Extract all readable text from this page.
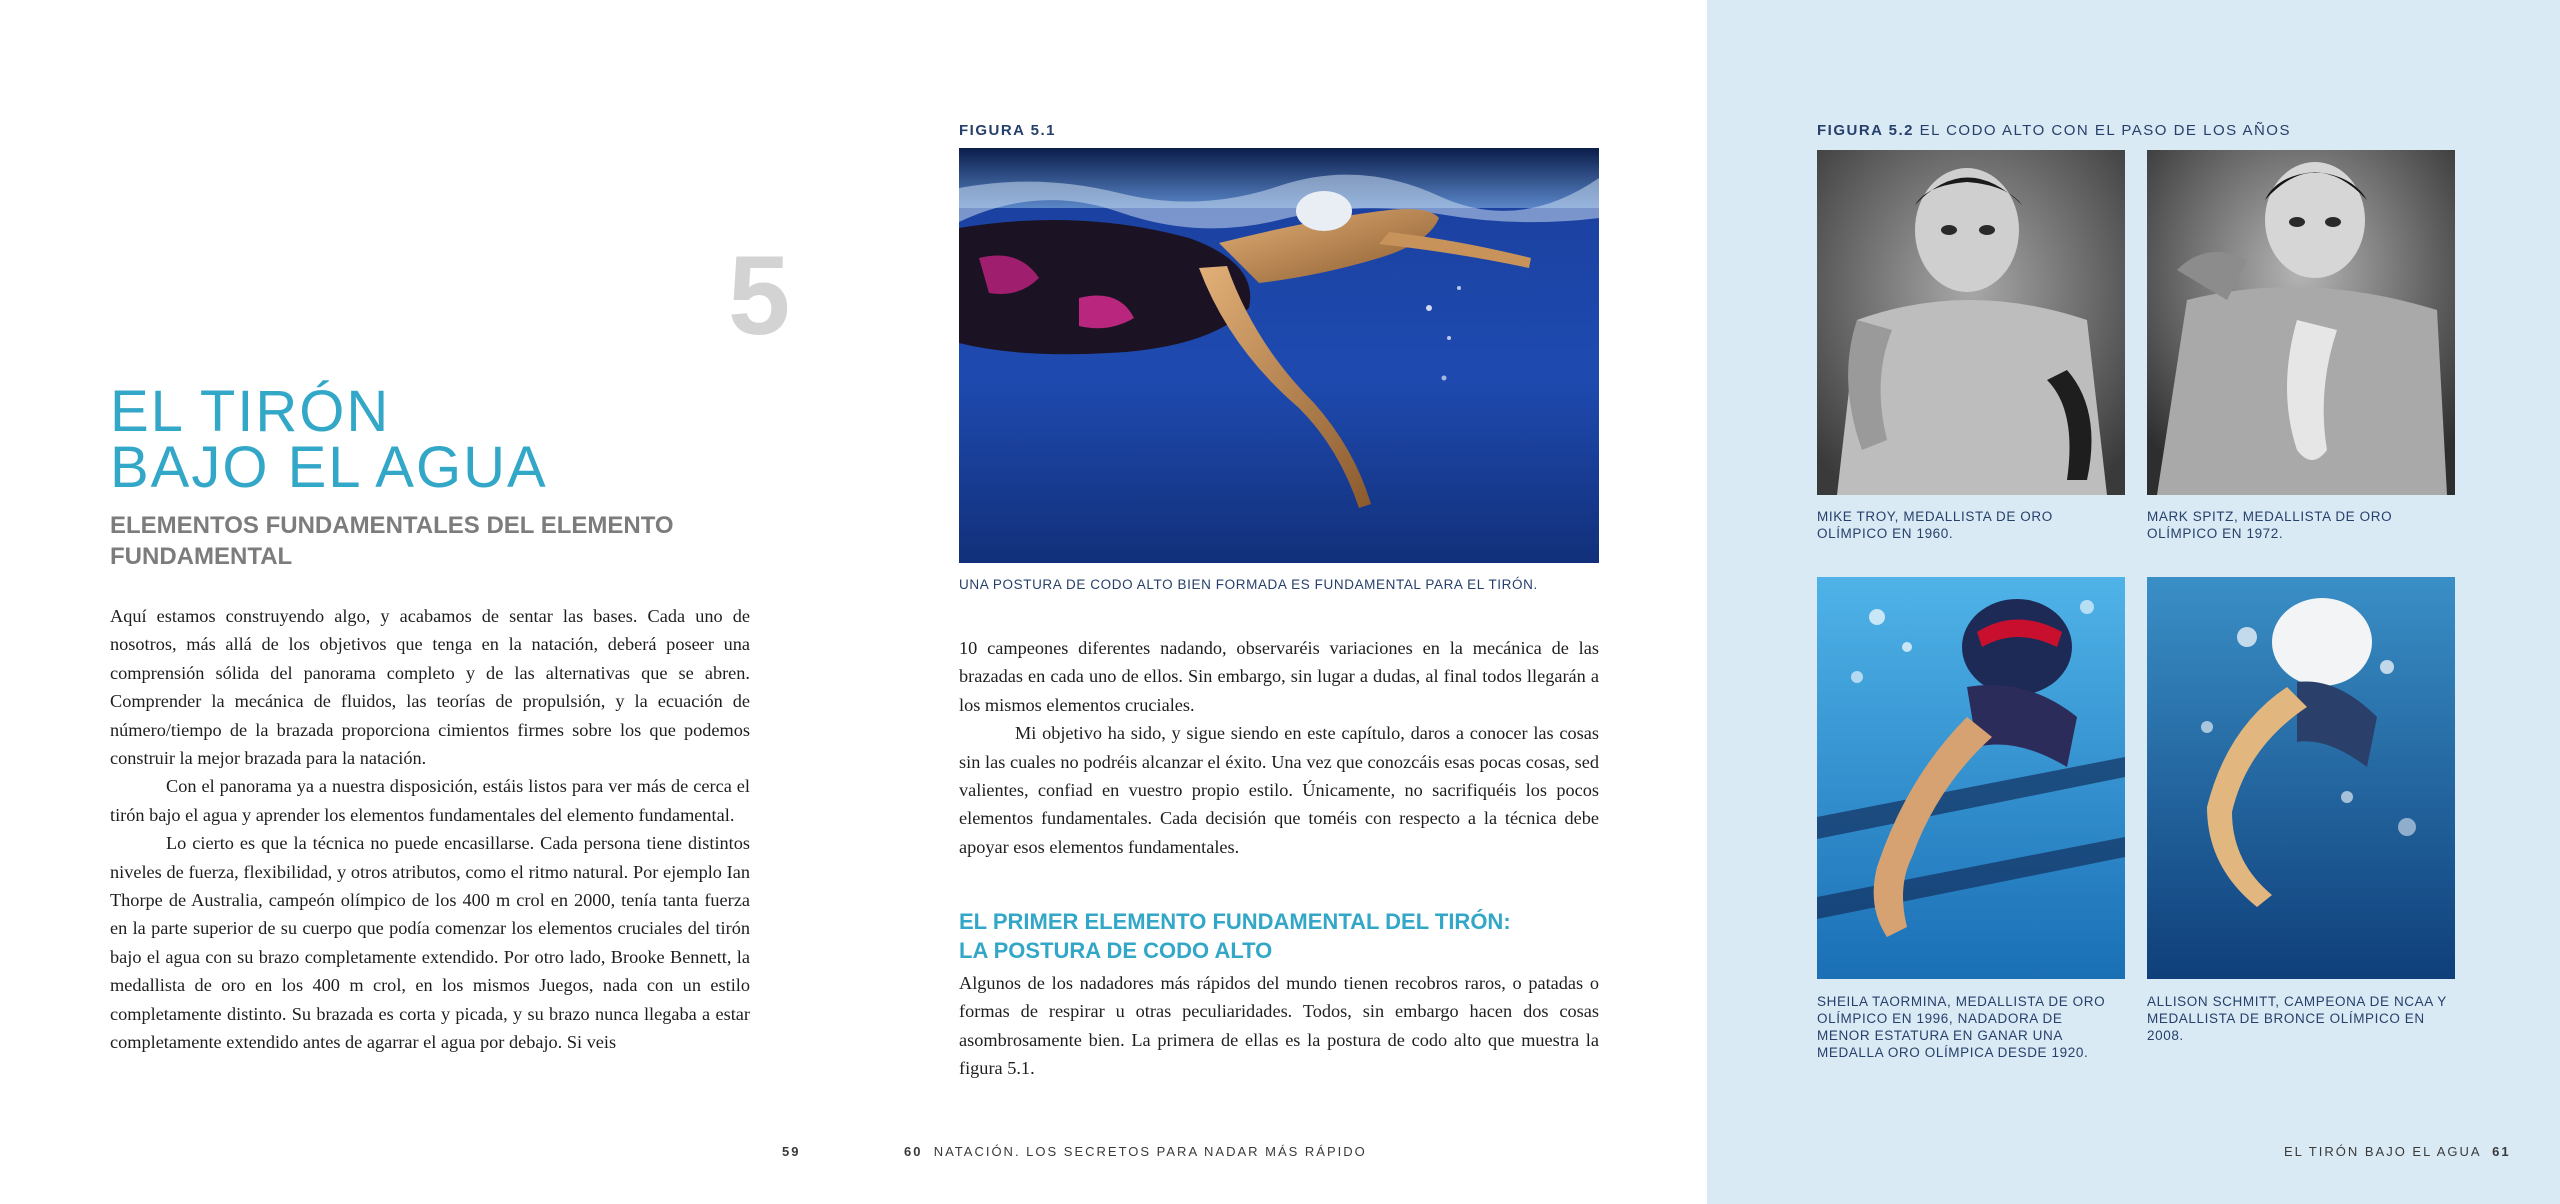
5
EL TIRÓN
BAJO EL AGUA
ELEMENTOS FUNDAMENTALES DEL ELEMENTO FUNDAMENTAL

Aquí estamos construyendo algo, y acabamos de sentar las bases. Cada uno de nosotros, más allá de los objetivos que tenga en la natación, deberá poseer una comprensión sólida del panorama completo y de las alternativas que se abren. Comprender la mecánica de fluidos, las teorías de propulsión, y la ecuación de número/tiempo de la brazada proporciona cimientos firmes sobre los que podemos construir la mejor brazada para la natación.

Con el panorama ya a nuestra disposición, estáis listos para ver más de cerca el tirón bajo el agua y aprender los elementos fundamentales del elemento fundamental.

Lo cierto es que la técnica no puede encasillarse. Cada persona tiene distintos niveles de fuerza, flexibilidad, y otros atributos, como el ritmo natural. Por ejemplo Ian Thorpe de Australia, campeón olímpico de los 400 m crol en 2000, tenía tanta fuerza en la parte superior de su cuerpo que podía comenzar los elementos cruciales del tirón bajo el agua con su brazo completamente extendido. Por otro lado, Brooke Bennett, la medallista de oro en los 400 m crol, en los mismos Juegos, nada con un estilo completamente distinto. Su brazada es corta y picada, y su brazo nunca llegaba a estar completamente extendido antes de agarrar el agua por debajo. Si veis

59
FIGURA 5.1
UNA POSTURA DE CODO ALTO BIEN FORMADA ES FUNDAMENTAL PARA EL TIRÓN.

10 campeones diferentes nadando, observaréis variaciones en la mecánica de las brazadas en cada uno de ellos. Sin embargo, sin lugar a dudas, al final todos llegarán a los mismos elementos cruciales.

Mi objetivo ha sido, y sigue siendo en este capítulo, daros a conocer las cosas sin las cuales no podréis alcanzar el éxito. Una vez que conozcáis esas pocas cosas, sed valientes, confiad en vuestro propio estilo. Únicamente, no sacrifiquéis los pocos elementos fundamentales. Cada decisión que toméis con respecto a la técnica debe apoyar esos elementos fundamentales.

EL PRIMER ELEMENTO FUNDAMENTAL DEL TIRÓN:
LA POSTURA DE CODO ALTO

Algunos de los nadadores más rápidos del mundo tienen recobros raros, o patadas o formas de respirar u otras peculiaridades. Todos, sin embargo hacen dos cosas asombrosamente bien. La primera de ellas es la postura de codo alto que muestra la figura 5.1.

60 NATACIÓN. LOS SECRETOS PARA NADAR MÁS RÁPIDO
FIGURA 5.2 EL CODO ALTO CON EL PASO DE LOS AÑOS
MIKE TROY, MEDALLISTA DE ORO OLÍMPICO EN 1960.
MARK SPITZ, MEDALLISTA DE ORO OLÍMPICO EN 1972.
SHEILA TAORMINA, MEDALLISTA DE ORO OLÍMPICO EN 1996, NADADORA DE MENOR ESTATURA EN GANAR UNA MEDALLA ORO OLÍMPICA DESDE 1920.
ALLISON SCHMITT, CAMPEONA DE NCAA Y MEDALLISTA DE BRONCE OLÍMPICO EN 2008.
EL TIRÓN BAJO EL AGUA 61
